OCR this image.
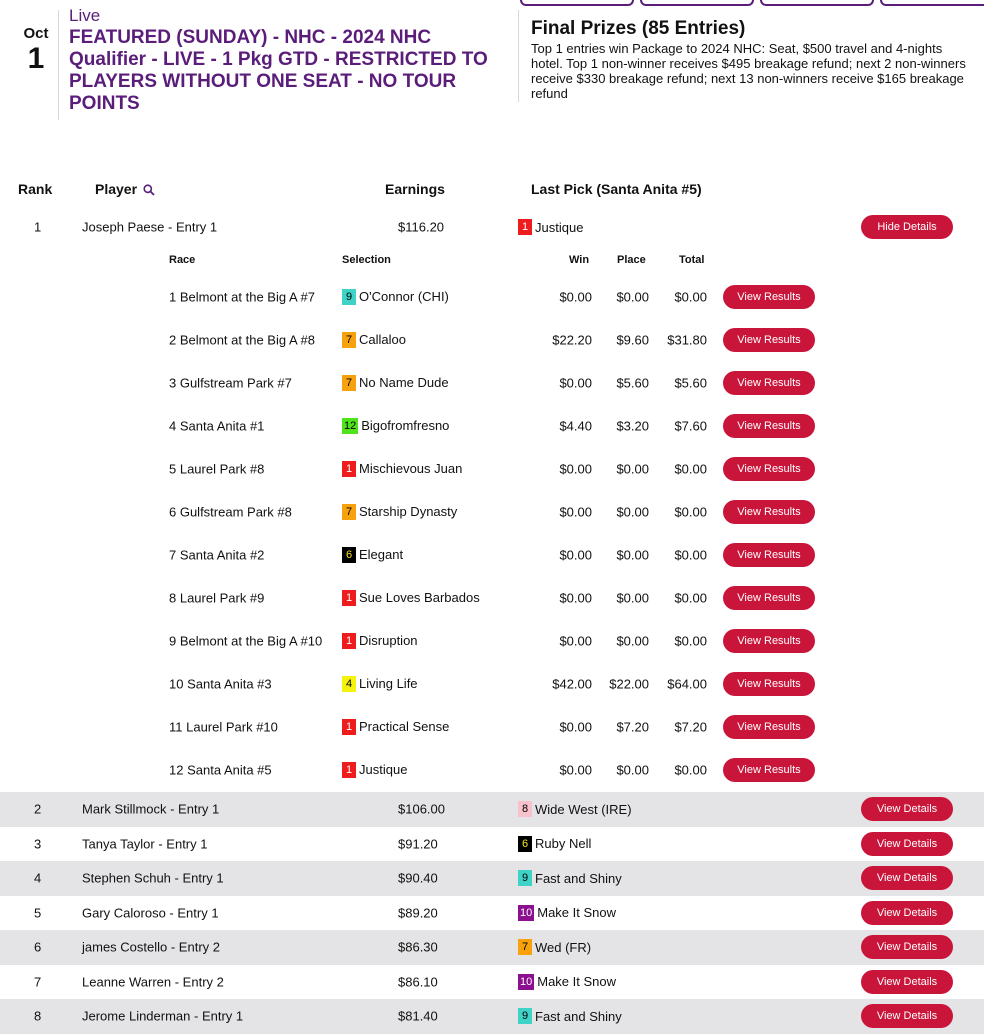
Oct
1
Live
FEATURED (SUNDAY) - NHC - 2024 NHC Qualifier - LIVE - 1 Pkg GTD - RESTRICTED TO PLAYERS WITHOUT ONE SEAT - NO TOUR POINTS
Final Prizes (85 Entries)
Top 1 entries win Package to 2024 NHC: Seat, $500 travel and 4-nights hotel. Top 1 non-winner receives $495 breakage refund; next 2 non-winners receive $330 breakage refund; next 13 non-winners receive $165 breakage refund
Rank	Player	Earnings	Last Pick (Santa Anita #5)
1	Joseph Paese - Entry 1	$116.20	1 Justique	Hide Details
Race	Selection	Win	Place	Total
1 Belmont at the Big A #7	9 O'Connor (CHI)	$0.00 $0.00 $0.00	View Results
2 Belmont at the Big A #8	7 Callaloo	$22.20 $9.60 $31.80	View Results
3 Gulfstream Park #7	7 No Name Dude	$0.00 $5.60 $5.60	View Results
4 Santa Anita #1	12 Bigofromfresno	$4.40 $3.20 $7.60	View Results
5 Laurel Park #8	1 Mischievous Juan	$0.00 $0.00 $0.00	View Results
6 Gulfstream Park #8	7 Starship Dynasty	$0.00 $0.00 $0.00	View Results
7 Santa Anita #2	6 Elegant	$0.00 $0.00 $0.00	View Results
8 Laurel Park #9	1 Sue Loves Barbados	$0.00 $0.00 $0.00	View Results
9 Belmont at the Big A #10	1 Disruption	$0.00 $0.00 $0.00	View Results
10 Santa Anita #3	4 Living Life	$42.00 $22.00 $64.00	View Results
11 Laurel Park #10	1 Practical Sense	$0.00 $7.20 $7.20	View Results
12 Santa Anita #5	1 Justique	$0.00 $0.00 $0.00	View Results
2	Mark Stillmock - Entry 1	$106.00	8 Wide West (IRE)	View Details
3	Tanya Taylor - Entry 1	$91.20	6 Ruby Nell	View Details
4	Stephen Schuh - Entry 1	$90.40	9 Fast and Shiny	View Details
5	Gary Caloroso - Entry 1	$89.20	10 Make It Snow	View Details
6	james Costello - Entry 2	$86.30	7 Wed (FR)	View Details
7	Leanne Warren - Entry 2	$86.10	10 Make It Snow	View Details
8	Jerome Linderman - Entry 1	$81.40	9 Fast and Shiny	View Details
